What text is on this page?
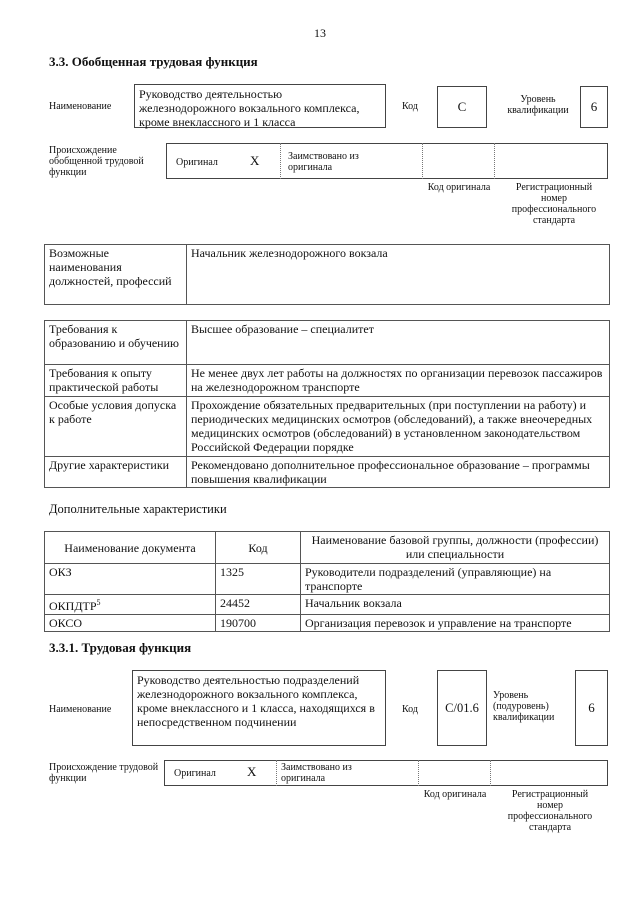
13
3.3. Обобщенная трудовая функция
Наименование
Руководство деятельностью железнодорожного вокзального комплекса, кроме внеклассного и 1 класса
Код	C	Уровень квалификации	6
Происхождение обобщенной трудовой функции
Оригинал X	Заимствовано из оригинала
Код оригинала	Регистрационный номер профессионального стандарта
Возможные наименования должностей, профессий	Начальник железнодорожного вокзала
Требования к образованию и обучению	Высшее образование – специалитет
Требования к опыту практической работы	Не менее двух лет работы на должностях по организации перевозок пассажиров на железнодорожном транспорте
Особые условия допуска к работе	Прохождение обязательных предварительных (при поступлении на работу) и периодических медицинских осмотров (обследований), а также внеочередных медицинских осмотров (обследований) в установленном законодательством Российской Федерации порядке
Другие характеристики	Рекомендовано дополнительное профессиональное образование – программы повышения квалификации
Дополнительные характеристики
Наименование документа	Код	Наименование базовой группы, должности (профессии) или специальности
ОКЗ	1325	Руководители подразделений (управляющие) на транспорте
ОКПДТР$^5$	24452	Начальник вокзала
ОКСО	190700	Организация перевозок и управление на транспорте
3.3.1. Трудовая функция
Наименование
Руководство деятельностью подразделений железнодорожного вокзального комплекса, кроме внеклассного и 1 класса, находящихся в непосредственном подчинении
Код C/01.6
Уровень (подуровень) квалификации
6
Происхождение трудовой функции	Оригинал X Заимствовано из оригинала
Код оригинала	Регистрационный номер профессионального стандарта
